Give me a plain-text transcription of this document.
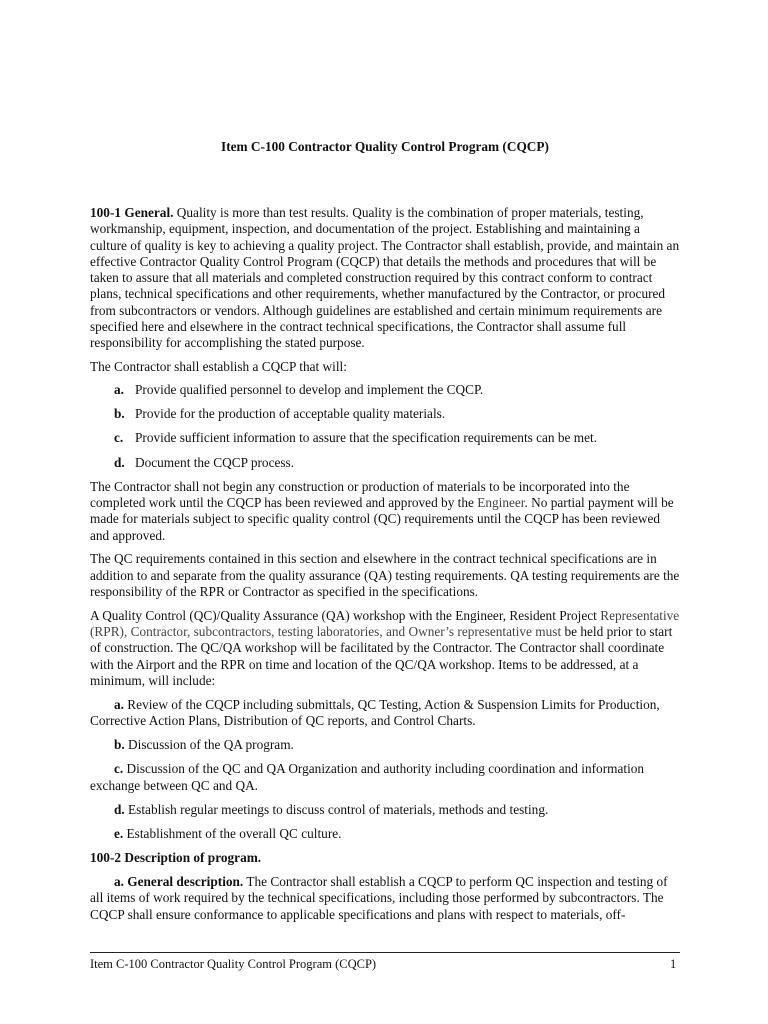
Item C-100 Contractor Quality Control Program (CQCP)

100-1 General. Quality is more than test results. Quality is the combination of proper materials, testing, workmanship, equipment, inspection, and documentation of the project. Establishing and maintaining a culture of quality is key to achieving a quality project. The Contractor shall establish, provide, and maintain an effective Contractor Quality Control Program (CQCP) that details the methods and procedures that will be taken to assure that all materials and completed construction required by this contract conform to contract plans, technical specifications and other requirements, whether manufactured by the Contractor, or procured from subcontractors or vendors. Although guidelines are established and certain minimum requirements are specified here and elsewhere in the contract technical specifications, the Contractor shall assume full responsibility for accomplishing the stated purpose.

The Contractor shall establish a CQCP that will:

a. Provide qualified personnel to develop and implement the CQCP.
b. Provide for the production of acceptable quality materials.
c. Provide sufficient information to assure that the specification requirements can be met.
d. Document the CQCP process.

The Contractor shall not begin any construction or production of materials to be incorporated into the completed work until the CQCP has been reviewed and approved by the Engineer. No partial payment will be made for materials subject to specific quality control (QC) requirements until the CQCP has been reviewed and approved.

The QC requirements contained in this section and elsewhere in the contract technical specifications are in addition to and separate from the quality assurance (QA) testing requirements. QA testing requirements are the responsibility of the RPR or Contractor as specified in the specifications.

A Quality Control (QC)/Quality Assurance (QA) workshop with the Engineer, Resident Project Representative (RPR), Contractor, subcontractors, testing laboratories, and Owner’s representative must be held prior to start of construction. The QC/QA workshop will be facilitated by the Contractor. The Contractor shall coordinate with the Airport and the RPR on time and location of the QC/QA workshop. Items to be addressed, at a minimum, will include:

a. Review of the CQCP including submittals, QC Testing, Action & Suspension Limits for Production, Corrective Action Plans, Distribution of QC reports, and Control Charts.
b. Discussion of the QA program.
c. Discussion of the QC and QA Organization and authority including coordination and information exchange between QC and QA.
d. Establish regular meetings to discuss control of materials, methods and testing.
e. Establishment of the overall QC culture.

100-2 Description of program.

a. General description. The Contractor shall establish a CQCP to perform QC inspection and testing of all items of work required by the technical specifications, including those performed by subcontractors. The CQCP shall ensure conformance to applicable specifications and plans with respect to materials, off-
Item C-100 Contractor Quality Control Program (CQCP)	1
